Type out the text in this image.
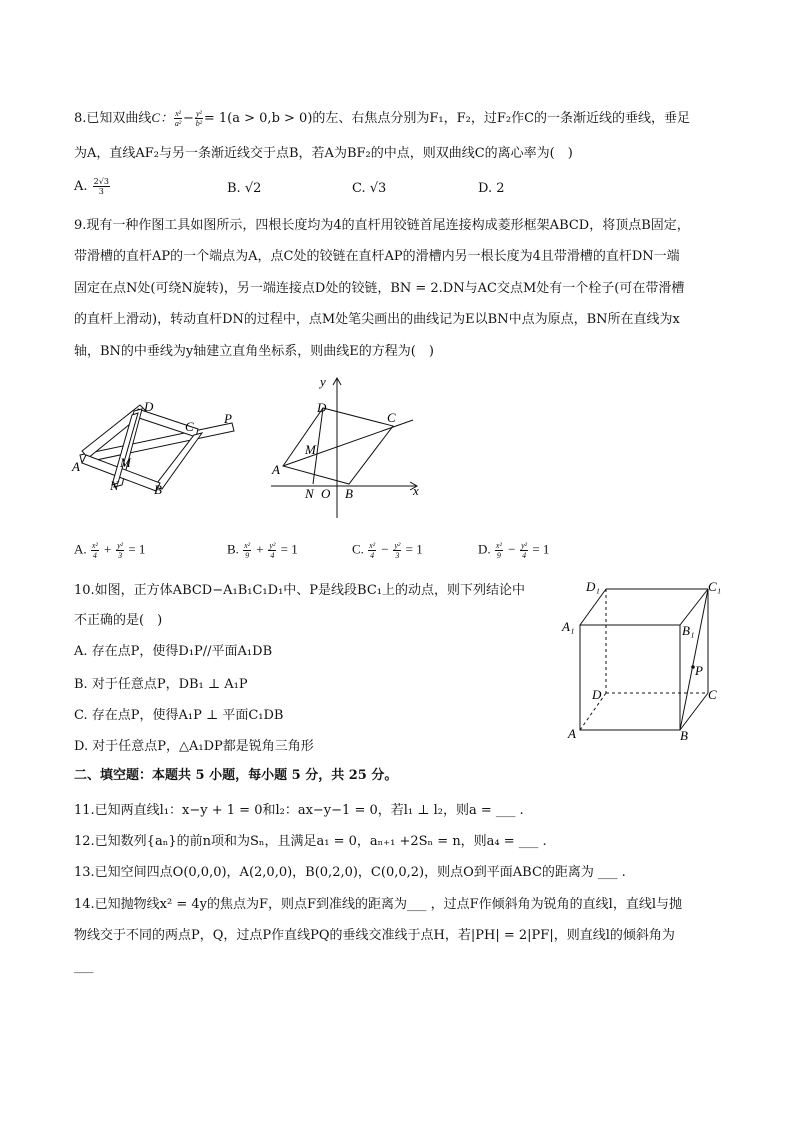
8.已知双曲线C： $\frac{\text{x²}}{\text{a²}} - \frac{\text{y²}}{\text{b²}} = 1(a > 0,b > 0)$的左、右焦点分别为F₁，F₂，过F₂作C的一条渐近线的垂线，垂足
为A，直线AF₂与另一条渐近线交于点B，若A为BF₂的中点，则双曲线C的离心率为(　)
A. $\frac{2√3}{3}$	B. √2	C. √3	D. 2
9.现有一种作图工具如图所示，四根长度均为4的直杆用铰链首尾连接构成菱形框架ABCD，将顶点B固定，
带滑槽的直杆AP的一个端点为A，点C处的铰链在直杆AP的滑槽内另一根长度为4且带滑槽的直杆DN一端
固定在点N处(可绕N旋转)，另一端连接点D处的铰链，BN = 2.DN与AC交点M处有一个栓子(可在带滑槽
的直杆上滑动)，转动直杆DN的过程中，点M处笔尖画出的曲线记为E以BN中点为原点，BN所在直线为x
轴，BN的中垂线为y轴建立直角坐标系，则曲线E的方程为(　)
D
C
P
A	M
N	B
y
D
C
M
A
N O B	x
A. $\frac{\text{x²}}{4} + \frac{\text{y²}}{3} = 1$	B. $\frac{\text{x²}}{9} + \frac{\text{y²}}{4} = 1$	C. $\frac{\text{x²}}{4} - \frac{\text{y²}}{3} = 1$	D. $\frac{\text{x²}}{9} - \frac{\text{y²}}{4} = 1$
10.如图，正方体ABCD−A₁B₁C₁D₁中、P是线段BC₁上的动点，则下列结论中
不正确的是(　)
A. 存在点P，使得D₁P//平面A₁DB
B. 对于任意点P，DB₁ ⊥ A₁P
C. 存在点P，使得A₁P ⊥ 平面C₁DB
D. 对于任意点P，△A₁DP都是锐角三角形
D₁	C₁
A₁	B₁
P
D	C
A	B
二、填空题：本题共 5 小题，每小题 5 分，共 25 分。
11.已知两直线l₁：x−y + 1 = 0和l₂：ax−y−1 = 0，若l₁ ⊥ l₂，则a = ___ .
12.已知数列{aₙ}的前n项和为Sₙ，且满足a₁ = 0，aₙ₊₁ +2Sₙ = n，则a₄ = ___ .
13.已知空间四点O(0,0,0)，A(2,0,0)，B(0,2,0)，C(0,0,2)，则点O到平面ABC的距离为 ___ .
14.已知抛物线x² = 4y的焦点为F，则点F到准线的距离为___ ，过点F作倾斜角为锐角的直线l，直线l与抛
物线交于不同的两点P，Q，过点P作直线PQ的垂线交准线于点H，若|PH| = 2|PF|，则直线l的倾斜角为
___
